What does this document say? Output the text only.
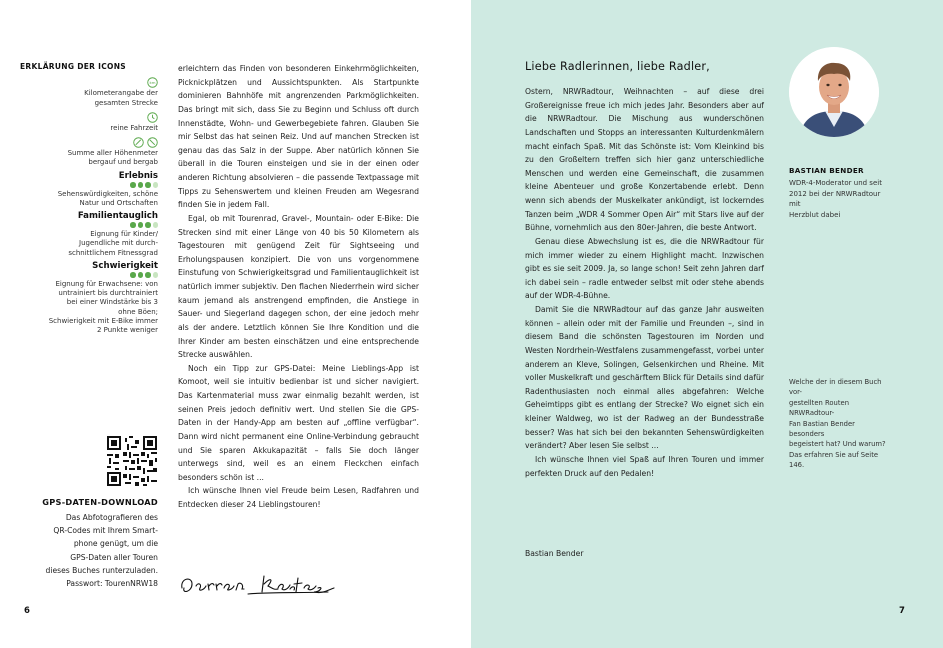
ERKLÄRUNG DER ICONS
km
Kilometerangabe der
gesamten Strecke
reine Fahrzeit
Summe aller Höhenmeter
bergauf und bergab
Erlebnis
Sehenswürdigkeiten, schöne
Natur und Ortschaften
Familientauglich
Eignung für Kinder/
Jugendliche mit durch-
schnittlichem Fitnessgrad
Schwierigkeit
Eignung für Erwachsene: von
untrainiert bis durchtrainiert
bei einer Windstärke bis 3
ohne Böen;
Schwierigkeit mit E-Bike immer
2 Punkte weniger
GPS-DATEN-DOWNLOAD
Das Abfotografieren des
QR-Codes mit Ihrem Smart-
phone genügt, um die
GPS-Daten aller Touren
dieses Buches runterzuladen.
Passwort: TourenNRW18

erleichtern das Finden von besonderen Einkehrmöglichkeiten, Picknickplätzen und Aussichtspunkten. Als Startpunkte dominieren Bahnhöfe mit angrenzenden Parkmöglichkeiten. Das bringt mit sich, dass Sie zu Beginn und Schluss oft durch Innenstädte, Wohn- und Gewerbegebiete fahren. Glauben Sie mir Selbst das hat seinen Reiz. Und auf manchen Strecken ist genau das das Salz in der Suppe. Aber natürlich können Sie überall in die Touren einsteigen und sie in der einen oder anderen Richtung absolvieren – die passende Textpassage mit Tipps zu Sehenswertem und kleinen Freuden am Wegesrand finden Sie in jedem Fall.

Egal, ob mit Tourenrad, Gravel-, Mountain- oder E-Bike: Die Strecken sind mit einer Länge von 40 bis 50 Kilometern als Tagestouren mit genügend Zeit für Sightseeing und Erholungspausen konzipiert. Die von uns vorgenommene Einstufung von Schwierigkeitsgrad und Familientauglichkeit ist natürlich immer subjektiv. Den flachen Niederrhein wird sicher kaum jemand als anstrengend empfinden, die Anstiege in Sauer- und Siegerland dagegen schon, der eine jedoch mehr als der andere. Letztlich können Sie Ihre Kondition und die Ihrer Kinder am besten einschätzen und eine entsprechende Strecke auswählen.

Noch ein Tipp zur GPS-Datei: Meine Lieblings-App ist Komoot, weil sie intuitiv bedienbar ist und sicher navigiert. Das Kartenmaterial muss zwar einmalig bezahlt werden, ist seinen Preis jedoch definitiv wert. Und stellen Sie die GPS-Daten in der Handy-App am besten auf „offline verfügbar“. Dann wird nicht permanent eine Online-Verbindung gebraucht und Sie sparen Akkukapazität – falls Sie doch länger unterwegs sind, weil es an einem Fleckchen einfach besonders schön ist ...

Ich wünsche Ihnen viel Freude beim Lesen, Radfahren und Entdecken dieser 24 Lieblingstouren!

6
Liebe Radlerinnen, liebe Radler,

Ostern, NRWRadtour, Weihnachten – auf diese drei Großereignisse freue ich mich jedes Jahr. Besonders aber auf die NRWRadtour. Die Mischung aus wunderschönen Landschaften und Stopps an interessanten Kulturdenkmälern macht einfach Spaß. Mit das Schönste ist: Vom Kleinkind bis zu den Großeltern treffen sich hier ganz unterschiedliche Menschen und werden eine Gemeinschaft, die zusammen kleine Abenteuer und große Konzertabende erlebt. Denn wenn sich abends der Muskelkater ankündigt, ist lockerndes Tanzen beim „WDR 4 Sommer Open Air“ mit Stars live auf der Bühne, vornehmlich aus den 80er-Jahren, die beste Antwort.

Genau diese Abwechslung ist es, die die NRWRadtour für mich immer wieder zu einem Highlight macht. Inzwischen gibt es sie seit 2009. Ja, so lange schon! Seit zehn Jahren darf ich dabei sein – radle entweder selbst mit oder stehe abends auf der WDR-4-Bühne.

Damit Sie die NRWRadtour auf das ganze Jahr ausweiten können – allein oder mit der Familie und Freunden –, sind in diesem Band die schönsten Tagestouren im Norden und Westen Nordrhein-Westfalens zusammengefasst, vorbei unter anderem an Kleve, Solingen, Gelsenkirchen und Rheine. Mit voller Muskelkraft und geschärftem Blick für Details sind dafür Radenthusiasten noch einmal alles abgefahren: Welche Geheimtipps gibt es entlang der Strecke? Wo eignet sich ein kleiner Waldweg, wo ist der Radweg an der Bundesstraße besser? Was hat sich bei den bekannten Sehenswürdigkeiten verändert? Aber lesen Sie selbst ...

Ich wünsche Ihnen viel Spaß auf Ihren Touren und immer perfekten Druck auf den Pedalen!

Bastian Bender
BASTIAN BENDER
WDR-4-Moderator und seit
2012 bei der NRWRadtour mit
Herzblut dabei
Welche der in diesem Buch vor-
gestellten Routen NRWRadtour-
Fan Bastian Bender besonders
begeistert hat? Und warum?
Das erfahren Sie auf Seite 146.
7
